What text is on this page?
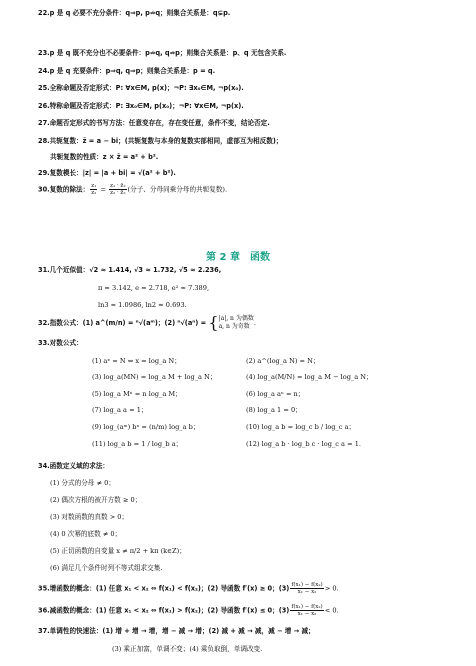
22.p 是 q 必要不充分条件：q⇒p, p⇏q；则集合关系是：q⊊p.
23.p 是 q 既不充分也不必要条件：p⇏q, q⇏p；则集合关系是：p、q 无包含关系.
24.p 是 q 充要条件：p⇒q, q⇒p；则集合关系是：p = q.
25.全称命题及否定形式：P: ∀x∈M, p(x)；¬P: ∃x₀∈M, ¬p(x₀).
26.特称命题及否定形式：P: ∃x₀∈M, p(x₀)；¬P: ∀x∈M, ¬p(x).
27.命题否定形式的书写方法：任意变存在，存在变任意，条件不变，结论否定.
28.共轭复数：z̄ = a − bi；(共轭复数与本身的复数实部相同，虚部互为相反数)；
共轭复数的性质：z × z̄ = a² + b².
29.复数模长：|z| = |a + bi| = √(a² + b²).
30.复数的除法： $\frac{\text{z₁}}{\text{z₂}} = \frac{\text{z₁ · z̄₂}}{\text{z₂ · z̄₂}}$ (分子、分母同乘分母的共轭复数).
第 2 章　函数
31.几个近似值：√2 ≈ 1.414, √3 ≈ 1.732, √5 ≈ 2.236,
π ≈ 3.142, e ≈ 2.718, e² ≈ 7.389,
ln3 ≈ 1.0986, ln2 ≈ 0.693.
32.指数公式：(1) a^(m/n) = ⁿ√(aᵐ)；(2) ⁿ√(aⁿ) = { |a|, n 为偶数
a, n 为奇数 .
33.对数公式：
(1) aˣ = N ⇔ x = log_a N；	(2) a^(log_a N) = N；
(3) log_a(MN) = log_a M + log_a N；	(4) log_a(M/N) = log_a M − log_a N；
(5) log_a Mⁿ = n log_a M；	(6) log_a aⁿ = n；
(7) log_a a = 1；	(8) log_a 1 = 0；
(9) log_(aᵐ) bⁿ = (n/m) log_a b；	(10) log_a b = log_c b / log_c a；
(11) log_a b = 1 / log_b a；	(12) log_a b · log_b c · log_c a = 1.
34.函数定义域的求法：
(1) 分式的分母 ≠ 0；
(2) 偶次方根的被开方数 ≥ 0；
(3) 对数函数的真数 > 0；
(4) 0 次幂的底数 ≠ 0；
(5) 正切函数的自变量 x ≠ π/2 + kπ (k∈Z)；
(6) 满足几个条件时列不等式组求交集.
35.增函数的概念：(1) 任意 x₁ < x₂ ⇔ f(x₁) < f(x₂)；(2) 导函数 f′(x) ≥ 0；$(3) \frac{\text{f(x₁) − f(x₂)}}{\text{x₁ − x₂}} > 0$.
36.减函数的概念：(1) 任意 x₁ < x₂ ⇔ f(x₁) > f(x₂)；(2) 导函数 f′(x) ≤ 0；$(3) \frac{\text{f(x₁) − f(x₂)}}{\text{x₁ − x₂}} < 0$.
37.单调性的快速法：(1) 增 + 增 → 增，增 − 减 → 增；(2) 减 + 减 → 减，减 − 增 → 减；
(3) 乘正加富，单调不变；(4) 乘负取倒，单调改变.
